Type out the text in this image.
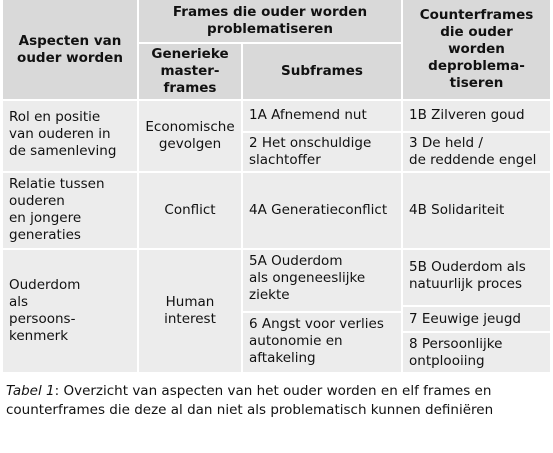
Aspecten van
ouder worden
Frames die ouder worden
problematiseren
Generieke
master-
frames
Subframes
Counterframes
die ouder
worden
deproblema-
tiseren
Rol en positie
van ouderen in
de samenleving
Economische
gevolgen
1A Afnemend nut
2 Het onschuldige
slachtoffer
1B Zilveren goud
3 De held /
de reddende engel
Relatie tussen
ouderen
en jongere
generaties
Conflict	4A Generatieconflict	4B Solidariteit
Ouderdom
als
persoons-
kenmerk
Human
interest
5A Ouderdom
als ongeneeslijke
ziekte
6 Angst voor verlies
autonomie en
aftakeling
5B Ouderdom als
natuurlijk proces
7 Eeuwige jeugd
8 Persoonlijke
ontplooiing
Tabel 1: Overzicht van aspecten van het ouder worden en elf frames en counterframes die deze al dan niet als problematisch kunnen definiëren
